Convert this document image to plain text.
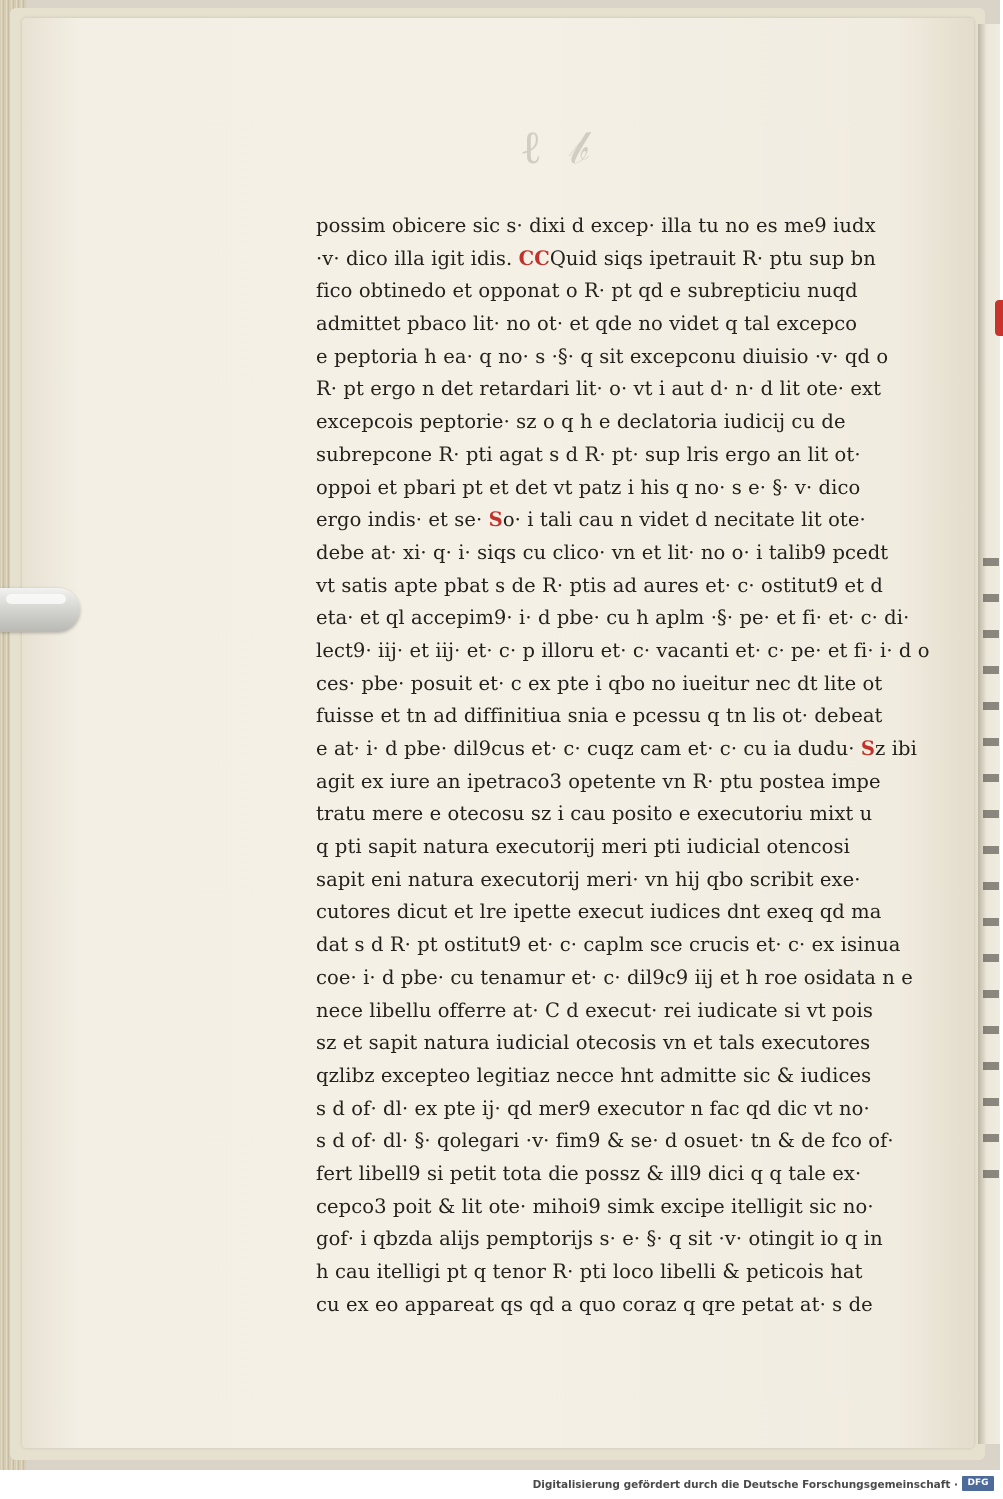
ℓ 𝒷
possim obicere sic s· dixi d excep· illa tu no es me9 iudx
·v· dico illa igit idis. CCQuid siqs ipetrauit R· ptu sup bn
fico obtinedo et opponat o R· pt qd e subrepticiu nuqd
admittet pbaco lit· no ot· et qde no videt q tal excepco
e peptoria h ea· q no· s ·§· q sit excepconu diuisio ·v· qd o
R· pt ergo n det retardari lit· o· vt i aut d· n· d lit ote· ext
excepcois peptorie· sz o q h e declatoria iudicij cu de
subrepcone R· pti agat s d R· pt· sup lris ergo an lit ot·
oppoi et pbari pt et det vt patz i his q no· s e· §· v· dico
ergo indis· et se· So· i tali cau n videt d necitate lit ote·
debe at· xi· q· i· siqs cu clico· vn et lit· no o· i talib9 pcedt
vt satis apte pbat s de R· ptis ad aures et· c· ostitut9 et d
eta· et ql accepim9· i· d pbe· cu h aplm ·§· pe· et fi· et· c· di·
lect9· iij· et iij· et· c· p illoru et· c· vacanti et· c· pe· et fi· i· d o
ces· pbe· posuit et· c ex pte i qbo no iueitur nec dt lite ot
fuisse et tn ad diffinitiua snia e pcessu q tn lis ot· debeat
e at· i· d pbe· dil9cus et· c· cuqz cam et· c· cu ia dudu· Sz ibi
agit ex iure an ipetraco3 opetente vn R· ptu postea impe
tratu mere e otecosu sz i cau posito e executoriu mixt u
q pti sapit natura executorij meri pti iudicial otencosi
sapit eni natura executorij meri· vn hij qbo scribit exe·
cutores dicut et lre ipette execut iudices dnt exeq qd ma
dat s d R· pt ostitut9 et· c· caplm sce crucis et· c· ex isinua
coe· i· d pbe· cu tenamur et· c· dil9c9 iij et h roe osidata n e
nece libellu offerre at· C d execut· rei iudicate si vt pois
sz et sapit natura iudicial otecosis vn et tals executores
qzlibz excepteo legitiaz necce hnt admitte sic & iudices
s d of· dl· ex pte ij· qd mer9 executor n fac qd dic vt no·
s d of· dl· §· qolegari ·v· fim9 & se· d osuet· tn & de fco of·
fert libell9 si petit tota die possz & ill9 dici q q tale ex·
cepco3 poit & lit ote· mihoi9 simk excipe itelligit sic no·
gof· i qbzda alijs pemptorijs s· e· §· q sit ·v· otingit io q in
h cau itelligi pt q tenor R· pti loco libelli & peticois hat
cu ex eo appareat qs qd a quo coraz q qre petat at· s de
Digitalisierung gefördert durch die Deutsche Forschungsgemeinschaft ·	DFG
